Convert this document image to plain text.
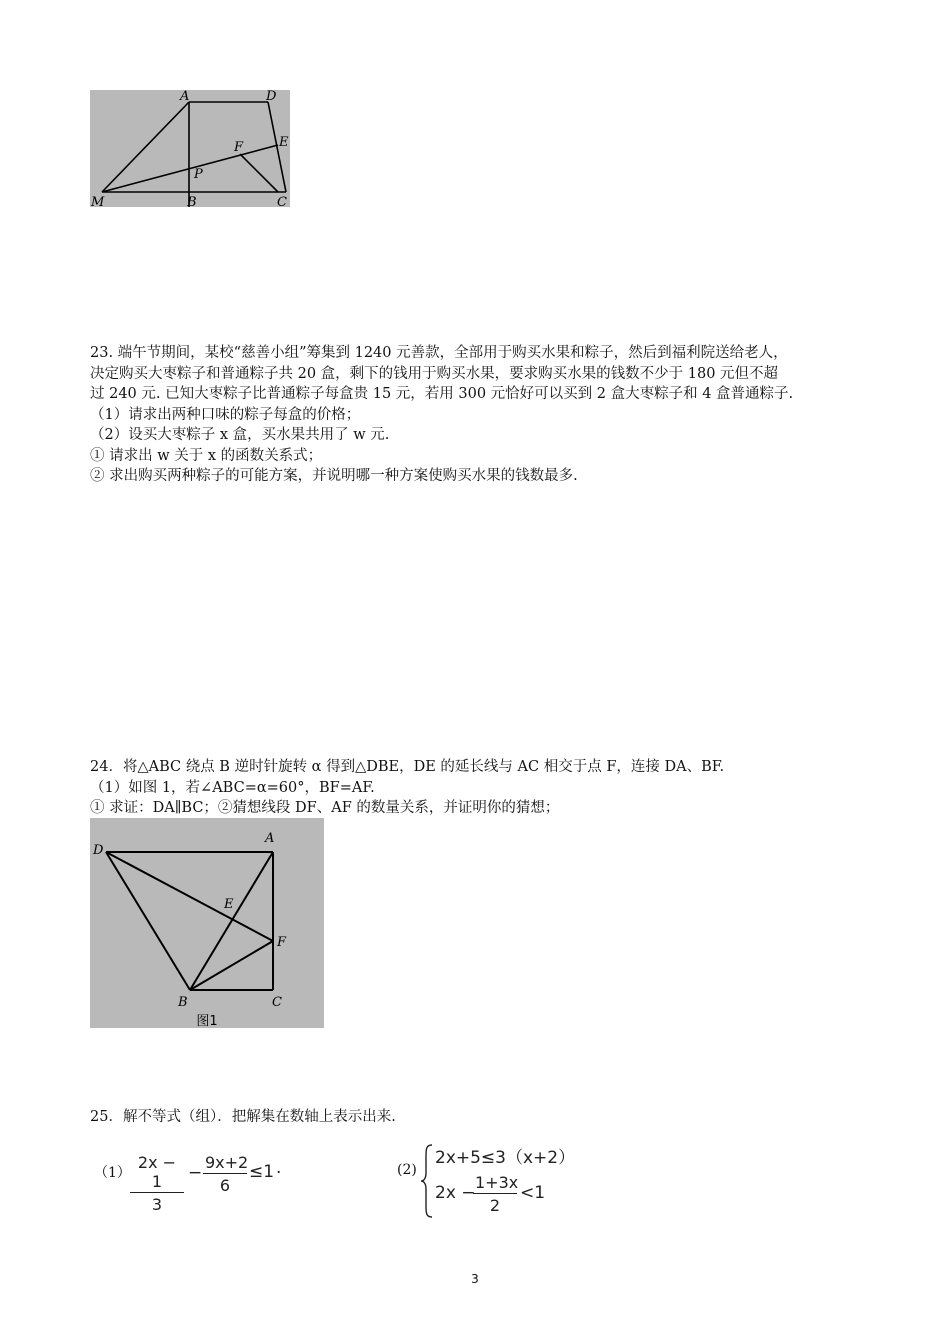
A	D
E
F
P
M	B	C
23. 端午节期间，某校“慈善小组”筹集到 1240 元善款，全部用于购买水果和粽子，然后到福利院送给老人，
决定购买大枣粽子和普通粽子共 20 盒，剩下的钱用于购买水果，要求购买水果的钱数不少于 180 元但不超
过 240 元. 已知大枣粽子比普通粽子每盒贵 15 元，若用 300 元恰好可以买到 2 盒大枣粽子和 4 盒普通粽子.
（1）请求出两种口味的粽子每盒的价格；
（2）设买大枣粽子 x 盒，买水果共用了 w 元.
① 请求出 w 关于 x 的函数关系式；
② 求出购买两种粽子的可能方案，并说明哪一种方案使购买水果的钱数最多.
24．将△ABC 绕点 B 逆时针旋转 α 得到△DBE，DE 的延长线与 AC 相交于点 F，连接 DA、BF.
（1）如图 1，若∠ABC=α=60°，BF=AF.
① 求证：DA∥BC；②猜想线段 DF、AF 的数量关系，并证明你的猜想；
D
A
E
F
B	C
图1
25．解不等式（组）．把解集在数轴上表示出来.
$(1) \frac{2x - 1}{3} - \frac{9x+2}{6} \le 1$ .	(2)
2x+5≤3（x+2）
2x −
$\frac{1+3x}{2} <1$
3
